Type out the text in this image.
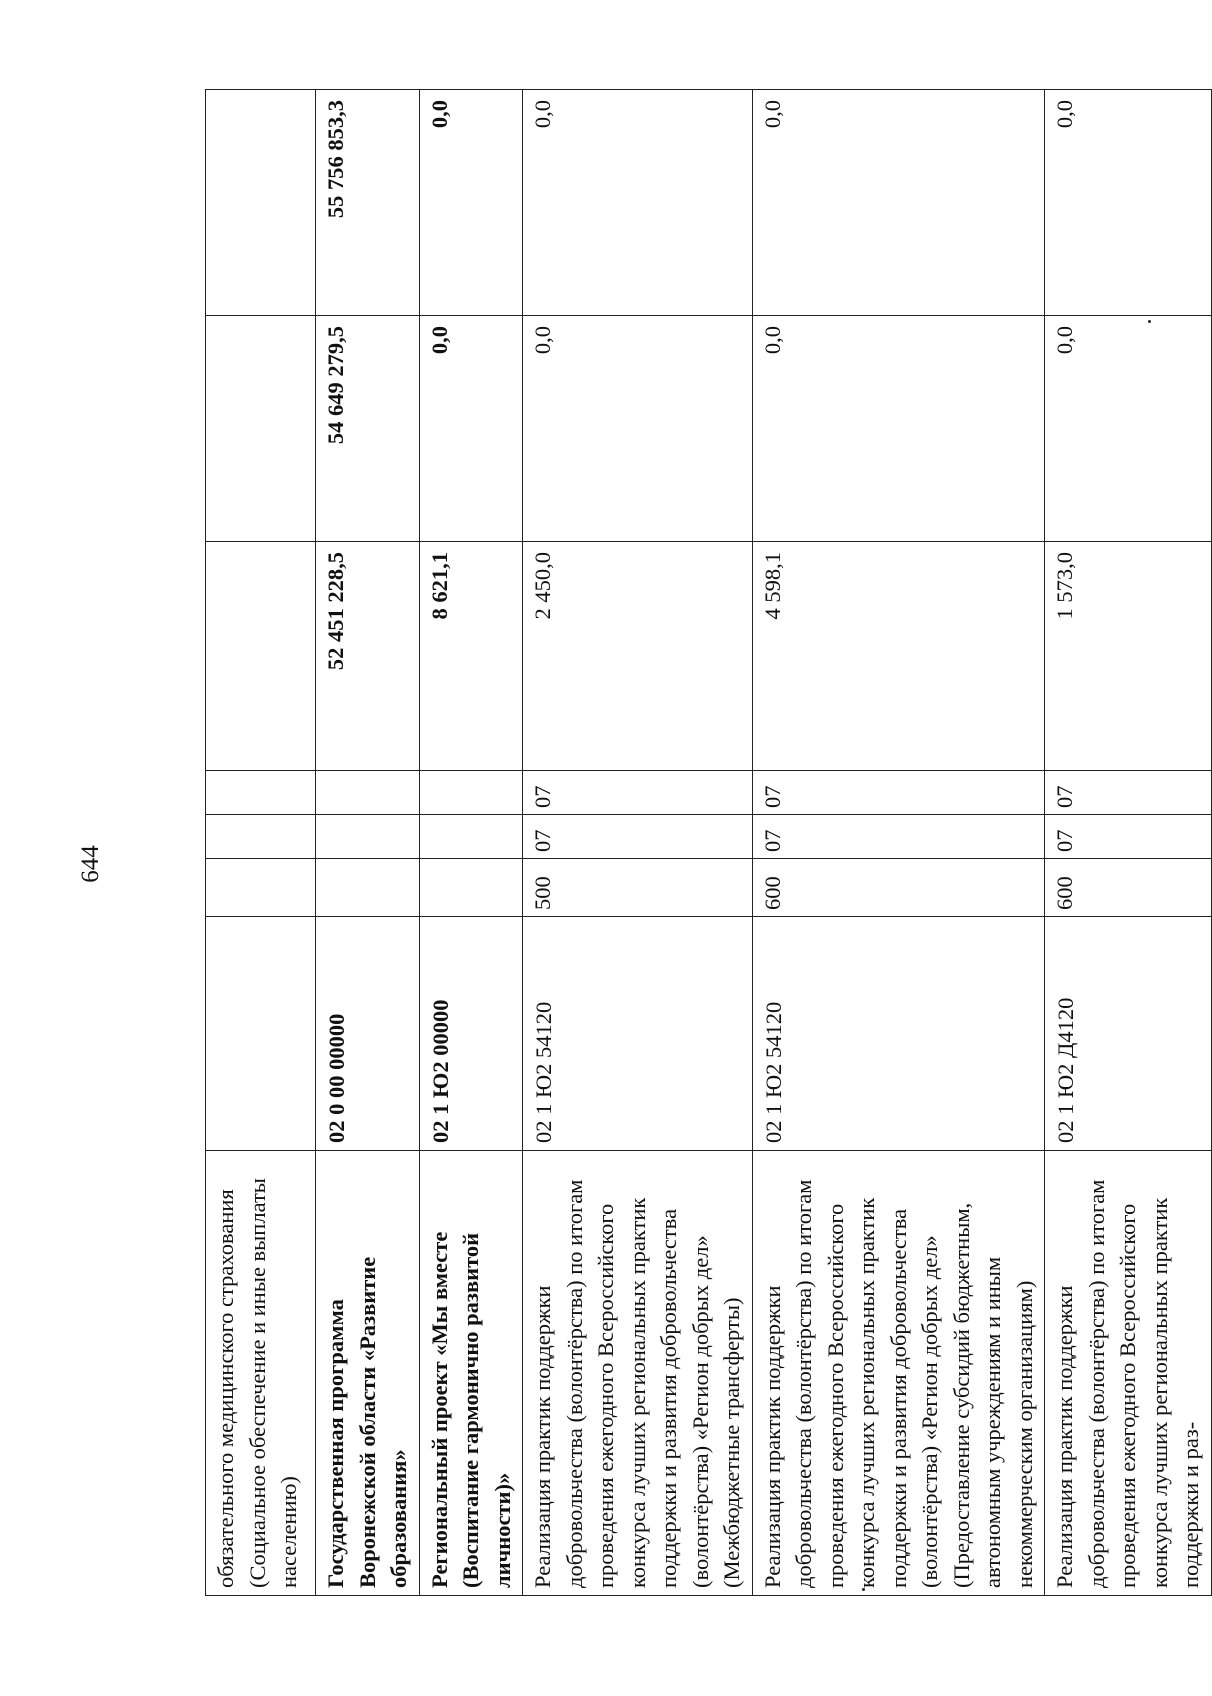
644
обязательного медицинского страхования (Социальное обеспечение и иные выплаты населению)							
Государственная программа Воронежской области «Развитие образования»	02 0 00 00000				52 451 228,5	54 649 279,5	55 756 853,3
Региональный проект «Мы вместе (Воспитание гармонично развитой личности)»	02 1 Ю2 00000				8 621,1	0,0	0,0
Реализация практик поддержки добровольчества (волонтёрства) по итогам проведения ежегодного Всероссийского конкурса лучших региональных практик поддержки и развития добровольчества (волонтёрства) «Регион добрых дел» (Межбюджетные трансферты)	02 1 Ю2 54120	500	07	07	2 450,0	0,0	0,0
Реализация практик поддержки добровольчества (волонтёрства) по итогам проведения ежегодного Всероссийского конкурса лучших региональных практик поддержки и развития добровольчества (волонтёрства) «Регион добрых дел» (Предоставление субсидий бюджетным, автономным учреждениям и иным некоммерческим организациям)	02 1 Ю2 54120	600	07	07	4 598,1	0,0	0,0
Реализация практик поддержки добровольчества (волонтёрства) по итогам проведения ежегодного Всероссийского конкурса лучших региональных практик поддержки и раз-	02 1 Ю2 Д4120	600	07	07	1 573,0	0,0	0,0
